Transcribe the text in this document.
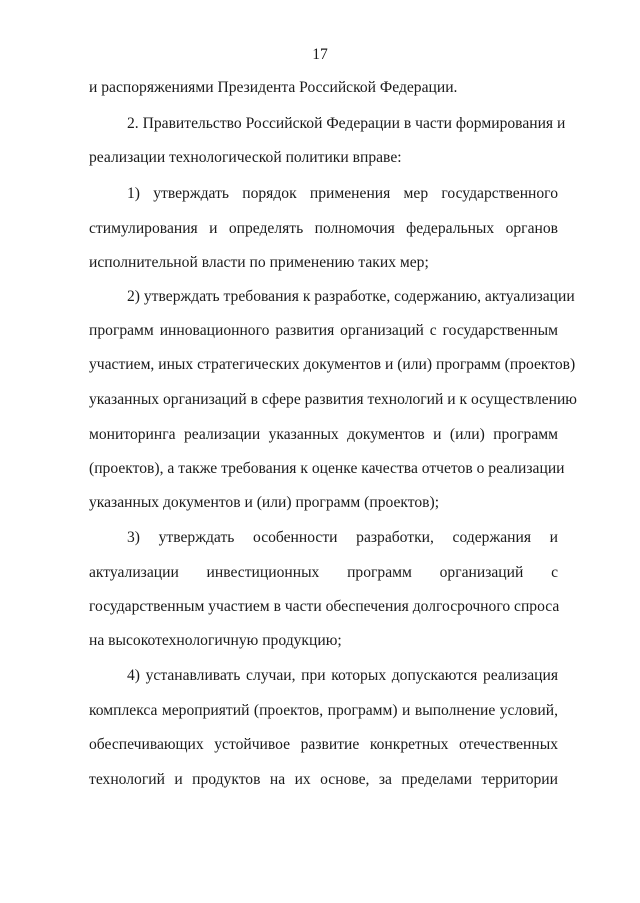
17
и распоряжениями Президента Российской Федерации.
2. Правительство Российской Федерации в части формирования и
реализации технологической политики вправе:
1) утверждать порядок применения мер государственного
стимулирования и определять полномочия федеральных органов
исполнительной власти по применению таких мер;
2) утверждать требования к разработке, содержанию, актуализации
программ инновационного развития организаций с государственным
участием, иных стратегических документов и (или) программ (проектов)
указанных организаций в сфере развития технологий и к осуществлению
мониторинга реализации указанных документов и (или) программ
(проектов), а также требования к оценке качества отчетов о реализации
указанных документов и (или) программ (проектов);
3) утверждать особенности разработки, содержания и
актуализации инвестиционных программ организаций с
государственным участием в части обеспечения долгосрочного спроса
на высокотехнологичную продукцию;
4) устанавливать случаи, при которых допускаются реализация
комплекса мероприятий (проектов, программ) и выполнение условий,
обеспечивающих устойчивое развитие конкретных отечественных
технологий и продуктов на их основе, за пределами территории
